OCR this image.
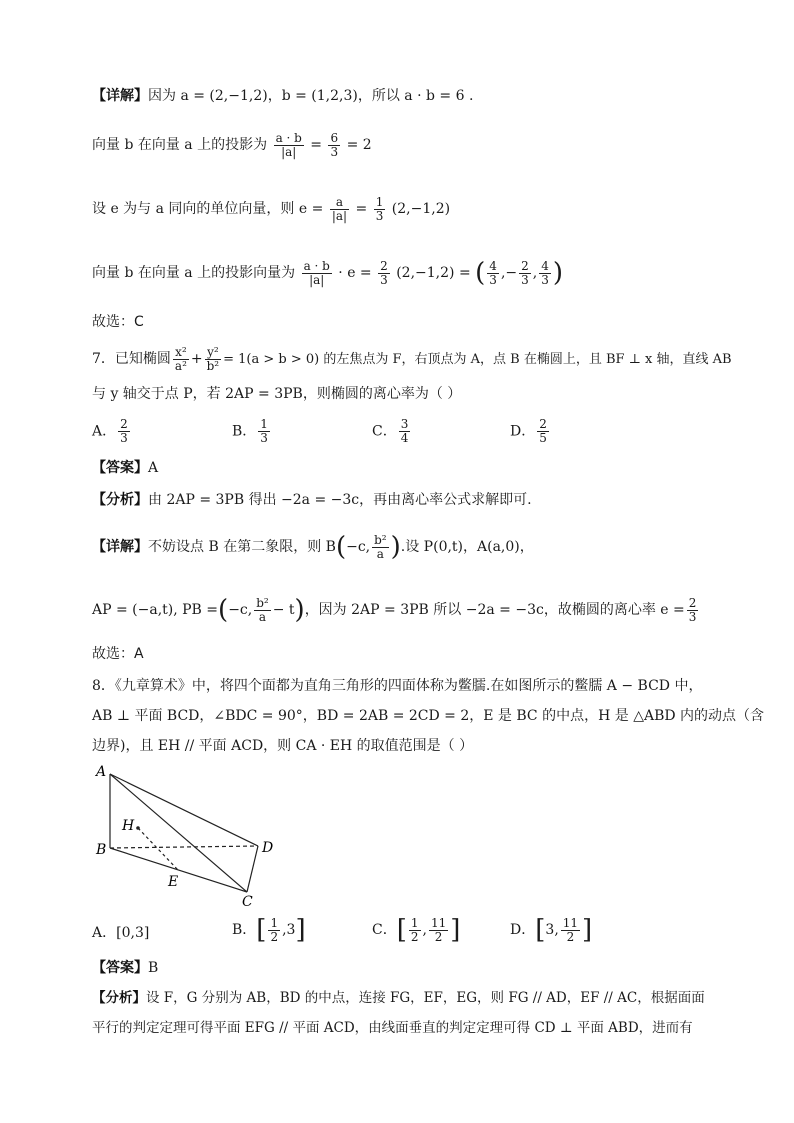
【详解】因为 a = (2,−1,2)，b = (1,2,3)，所以 a · b = 6 .
向量 b 在向量 a 上的投影为 $\frac{a \cdot b}{|a|} = \frac{6}{3} = 2$
设 e 为与 a 同向的单位向量，则 $e = \frac{a}{|a|} = \frac{1}{3} (2,-1,2)$
向量 b 在向量 a 上的投影向量为 $\frac{a \cdot b}{|a|} \cdot e = \frac{2}{3} (2,-1,2)$ = ( $\frac{4}{3}$ ,− $\frac{2}{3}$ , $\frac{4}{3}$ )
故选：C
7．已知椭圆 $\frac{\text{x²}}{\text{a²}} + \frac{\text{y²}}{\text{b²}} = 1(a > b > 0)$ 的左焦点为 F，右顶点为 A，点 B 在椭圆上，且 BF ⊥ x 轴，直线 AB
与 y 轴交于点 P，若 2AP = 3PB，则椭圆的离心率为（ ）
A． $\frac{2}{3}$	B． $\frac{1}{3}$	C． $\frac{3}{4}$	D． $\frac{2}{5}$
【答案】A
【分析】由 2AP = 3PB 得出 −2a = −3c，再由离心率公式求解即可.
【详解】不妨设点 B 在第二象限，则 B(−c, $\frac{\text{b²}}{a}$ ).设 P(0,t)，A(a,0)，
AP = (−a,t), PB =(−c, $\frac{\text{b²}}{a} - t$)，因为 2AP = 3PB 所以 −2a = −3c，故椭圆的离心率 $e = \frac{2}{3}$
故选：A
8．《九章算术》中，将四个面都为直角三角形的四面体称为鳖臑.在如图所示的鳖臑 A − BCD 中，
AB ⊥ 平面 BCD，∠BDC = 90°，BD = 2AB = 2CD = 2，E 是 BC 的中点，H 是 △ABD 内的动点（含
边界)，且 EH // 平面 ACD，则 CA · EH 的取值范围是（ ）
A
B
C
D
E
H
A．[0,3]	B．[ $\frac{1}{2} ,3$]	C．[ $\frac{1}{2}$ , $\frac{11}{2}$ ]	D．[3, $\frac{11}{2}$ ]
【答案】B
【分析】设 F，G 分别为 AB，BD 的中点，连接 FG，EF，EG，则 FG // AD，EF // AC，根据面面
平行的判定定理可得平面 EFG // 平面 ACD，由线面垂直的判定定理可得 CD ⊥ 平面 ABD，进而有
